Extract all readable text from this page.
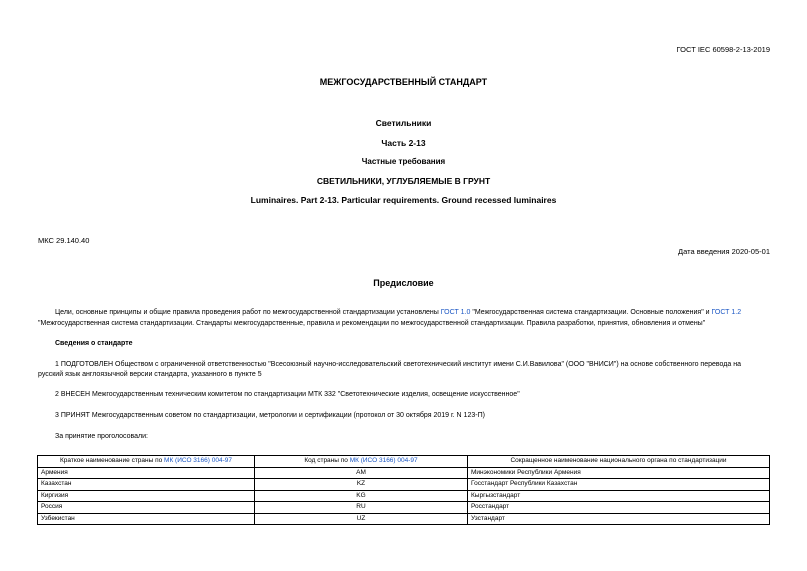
ГОСТ IEC 60598-2-13-2019
МЕЖГОСУДАРСТВЕННЫЙ СТАНДАРТ
Светильники
Часть 2-13
Частные требования
СВЕТИЛЬНИКИ, УГЛУБЛЯЕМЫЕ В ГРУНТ
Luminaires. Part 2-13. Particular requirements. Ground recessed luminaires
МКС 29.140.40
Дата введения 2020-05-01
Предисловие
Цели, основные принципы и общие правила проведения работ по межгосударственной стандартизации установлены ГОСТ 1.0 "Межгосударственная система стандартизации. Основные положения" и ГОСТ 1.2
"Межгосударственная система стандартизации. Стандарты межгосударственные, правила и рекомендации по межгосударственной стандартизации. Правила разработки, принятия, обновления и отмены"
Сведения о стандарте
1 ПОДГОТОВЛЕН Обществом с ограниченной ответственностью "Всесоюзный научно-исследовательский светотехнический институт имени С.И.Вавилова" (ООО "ВНИСИ") на основе собственного перевода на
русский язык англоязычной версии стандарта, указанного в пункте 5
2 ВНЕСЕН Межгосударственным техническим комитетом по стандартизации МТК 332 "Светотехнические изделия, освещение искусственное"
3 ПРИНЯТ Межгосударственным советом по стандартизации, метрологии и сертификации (протокол от 30 октября 2019 г. N 123-П)
За принятие проголосовали:
Краткое наименование страны по МК (ИСО 3166) 004-97	Код страны по МК (ИСО 3166) 004-97	Сокращенное наименование национального органа по стандартизации
Армения	AM	Минэкономики Республики Армения
Казахстан	KZ	Госстандарт Республики Казахстан
Киргизия	KG	Кыргызстандарт
Россия	RU	Росстандарт
Узбекистан	UZ	Узстандарт
